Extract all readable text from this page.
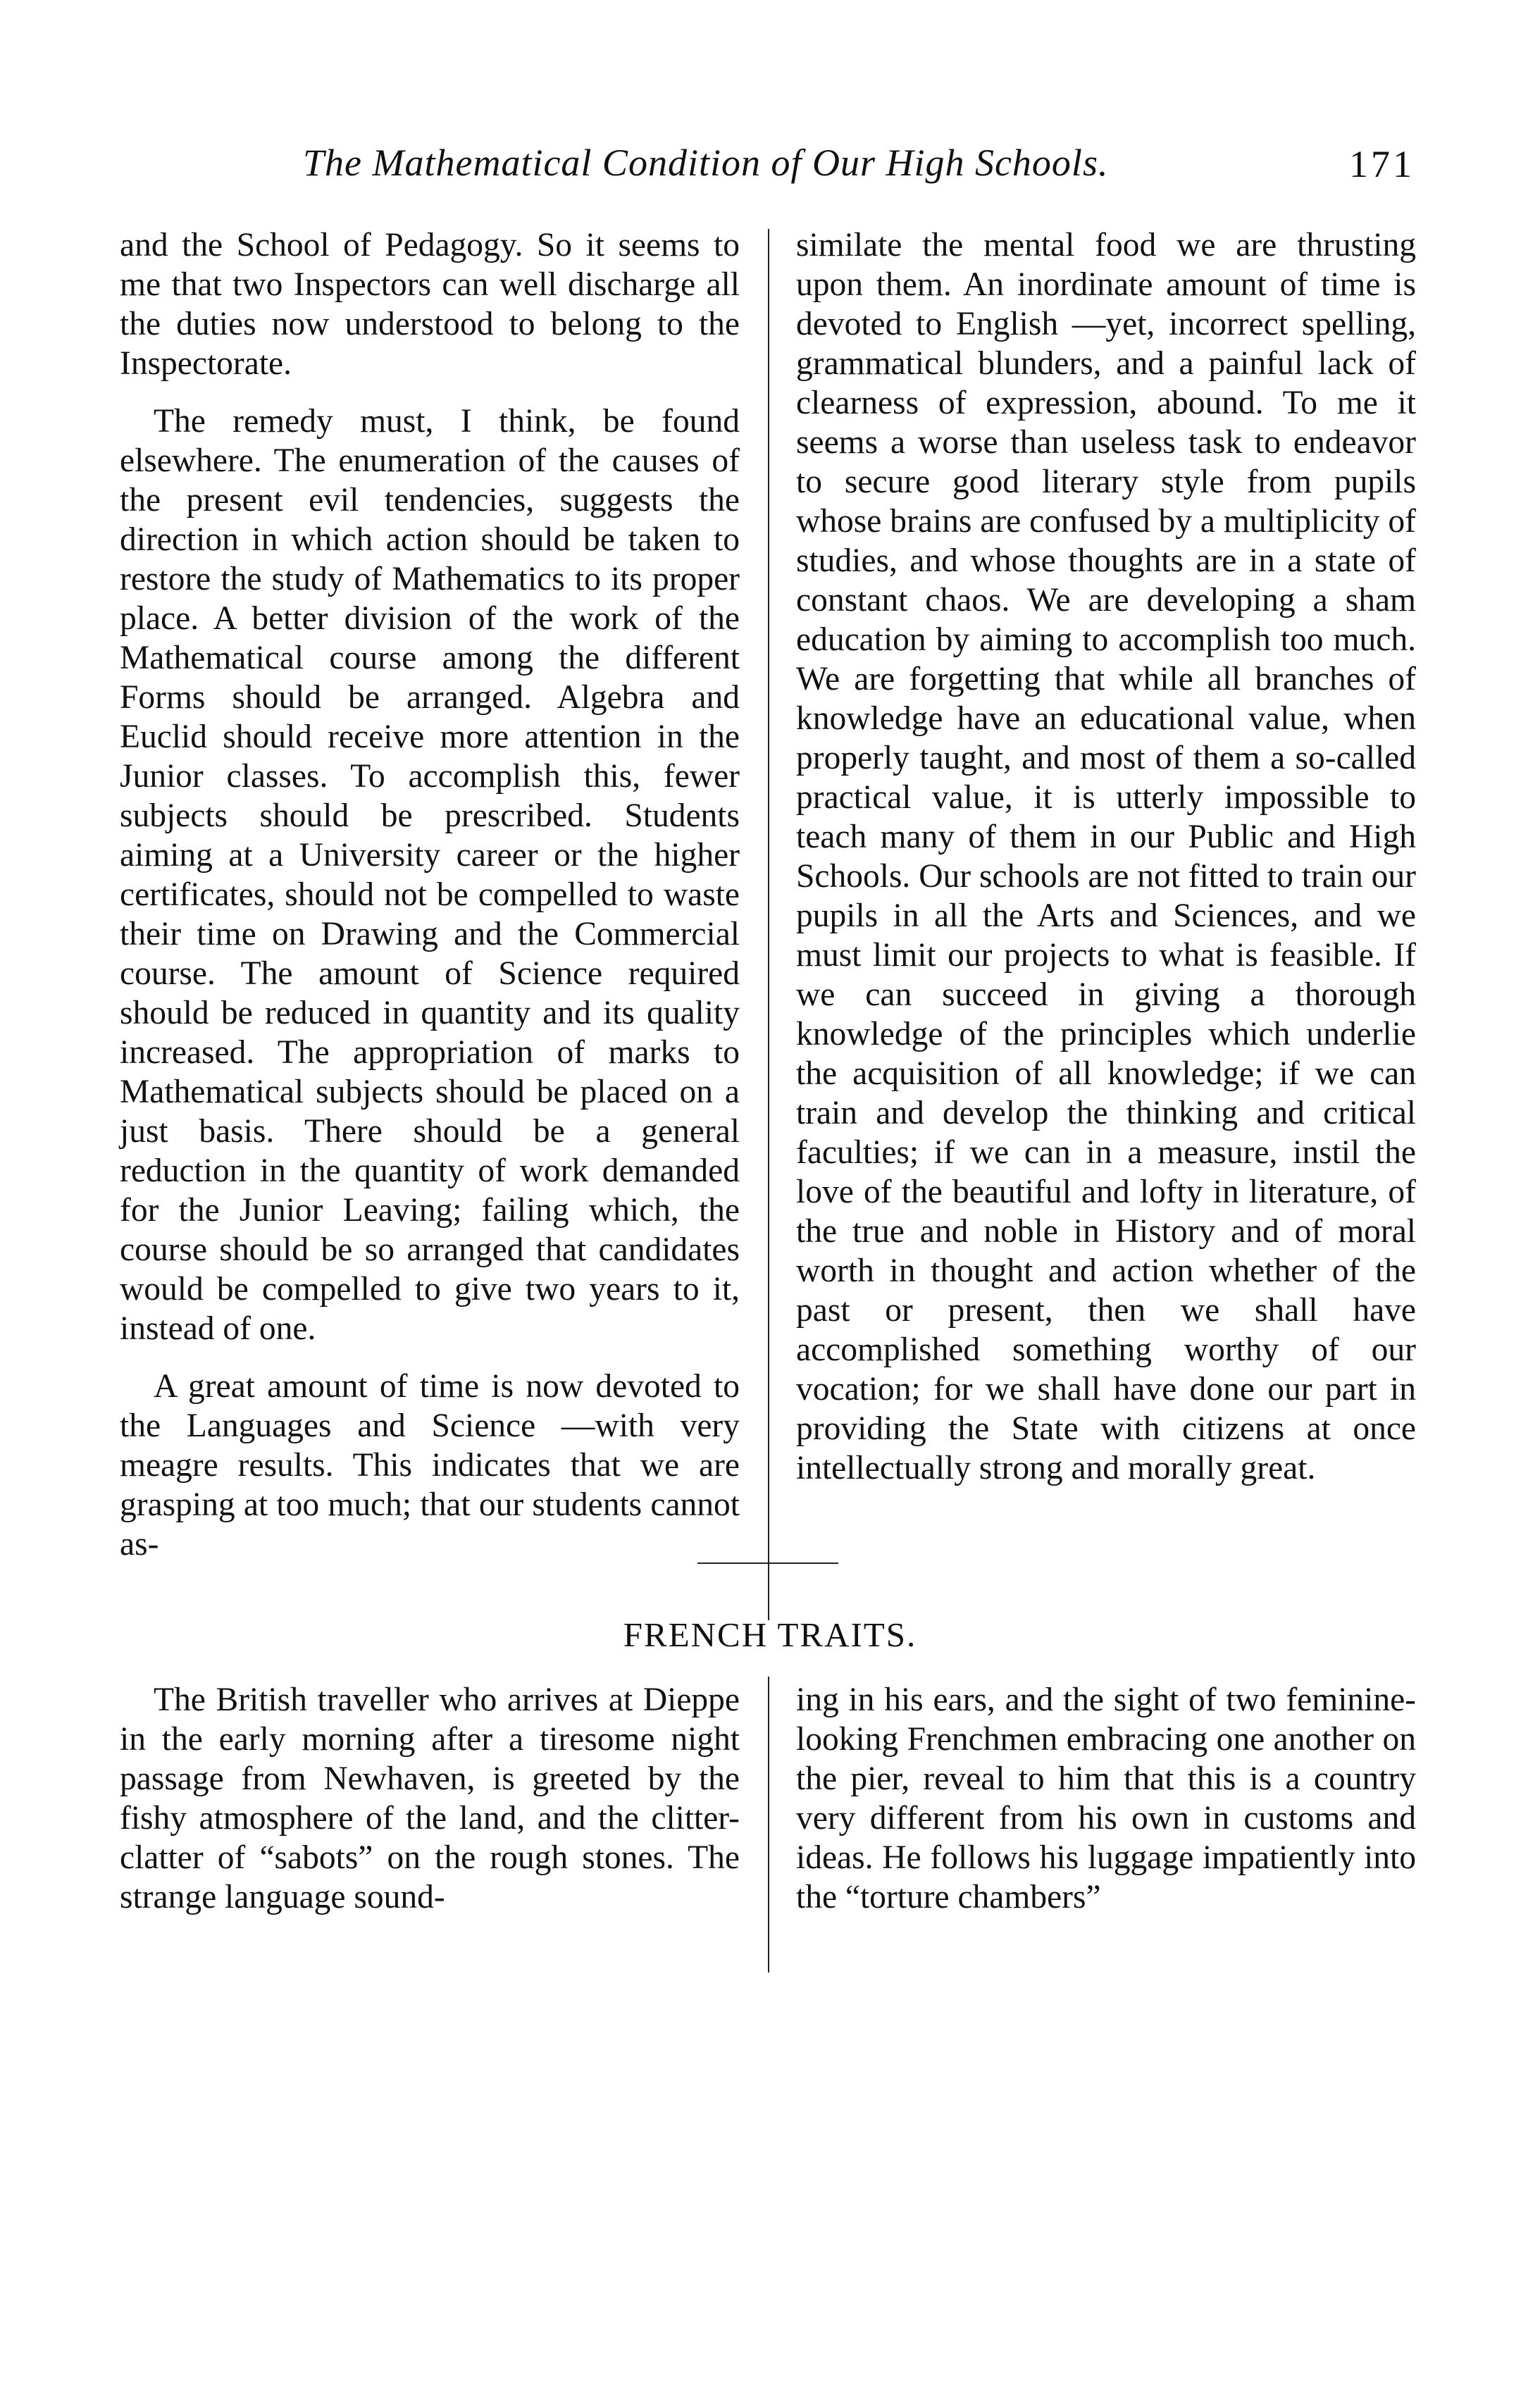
The Mathematical Condition of Our High Schools.	171

and the School of Pedagogy. So it seems to me that two Inspectors can well discharge all the duties now understood to belong to the Inspectorate.

The remedy must, I think, be found elsewhere. The enumeration of the causes of the present evil tendencies, suggests the direction in which action should be taken to restore the study of Mathematics to its proper place. A better division of the work of the Mathematical course among the different Forms should be arranged. Algebra and Euclid should receive more attention in the Junior classes. To accomplish this, fewer subjects should be prescribed. Students aiming at a University career or the higher certificates, should not be compelled to waste their time on Drawing and the Commercial course. The amount of Science required should be reduced in quantity and its quality increased. The appropriation of marks to Mathematical subjects should be placed on a just basis. There should be a general reduction in the quantity of work demanded for the Junior Leaving; failing which, the course should be so arranged that candidates would be compelled to give two years to it, instead of one.

A great amount of time is now devoted to the Languages and Science —with very meagre results. This indicates that we are grasping at too much; that our students cannot as-

similate the mental food we are thrusting upon them. An inordinate amount of time is devoted to English —yet, incorrect spelling, grammatical blunders, and a painful lack of clearness of expression, abound. To me it seems a worse than useless task to endeavor to secure good literary style from pupils whose brains are confused by a multiplicity of studies, and whose thoughts are in a state of constant chaos. We are developing a sham education by aiming to accomplish too much. We are forgetting that while all branches of knowledge have an educational value, when properly taught, and most of them a so-called practical value, it is utterly impossible to teach many of them in our Public and High Schools. Our schools are not fitted to train our pupils in all the Arts and Sciences, and we must limit our projects to what is feasible. If we can succeed in giving a thorough knowledge of the principles which underlie the acquisition of all knowledge; if we can train and develop the thinking and critical faculties; if we can in a measure, instil the love of the beautiful and lofty in literature, of the true and noble in History and of moral worth in thought and action whether of the past or present, then we shall have accomplished something worthy of our vocation; for we shall have done our part in providing the State with citizens at once intellectually strong and morally great.

FRENCH TRAITS.

The British traveller who arrives at Dieppe in the early morning after a tiresome night passage from Newhaven, is greeted by the fishy atmosphere of the land, and the clitter-clatter of “sabots” on the rough stones. The strange language sound-

ing in his ears, and the sight of two feminine-looking Frenchmen embracing one another on the pier, reveal to him that this is a country very different from his own in customs and ideas. He follows his luggage impatiently into the “torture chambers”
